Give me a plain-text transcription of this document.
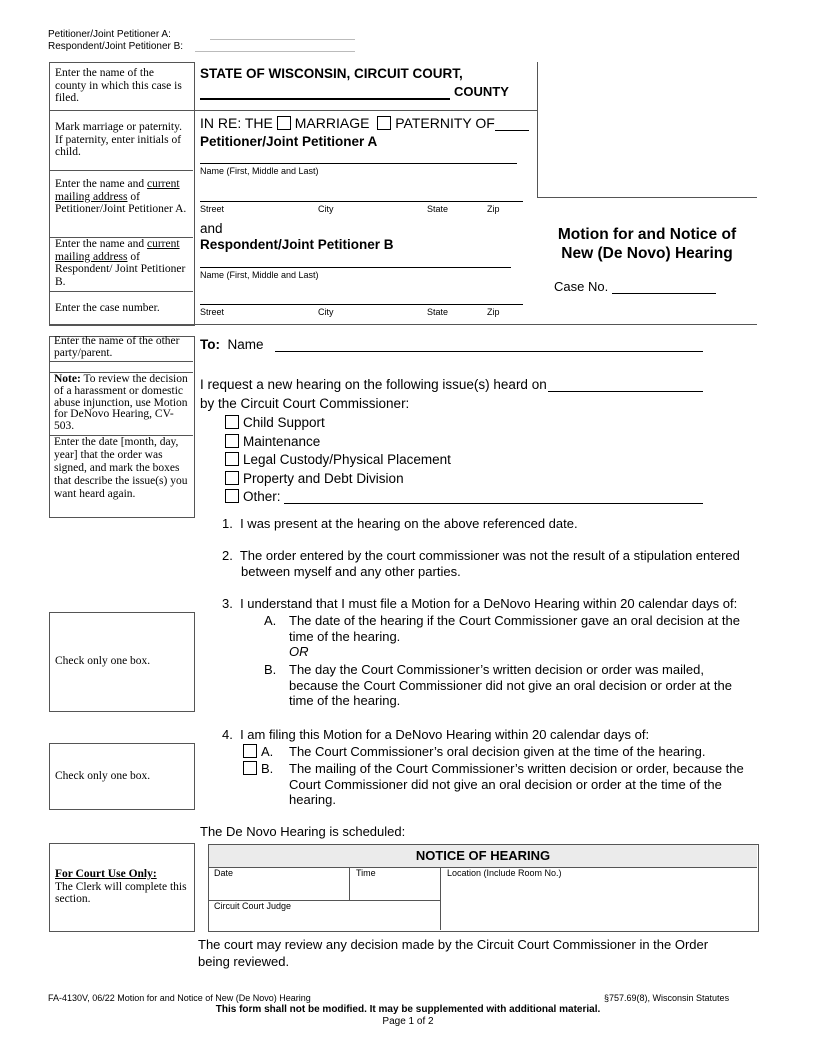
Petitioner/Joint Petitioner A:
Respondent/Joint Petitioner B:
Enter the name of the county in which this case is filed.
Mark marriage or paternity. If paternity, enter initials of child.
Enter the name and current mailing address of Petitioner/Joint Petitioner A.
Enter the name and current mailing address of Respondent/ Joint Petitioner B.
Enter the case number.
STATE OF WISCONSIN, CIRCUIT COURT,
COUNTY
IN RE: THE MARRIAGE PATERNITY OF
Petitioner/Joint Petitioner A
Name (First, Middle and Last)
Street	City	State	Zip
and
Respondent/Joint Petitioner B
Name (First, Middle and Last)
Street	City	State	Zip
Motion for and Notice of
New (De Novo) Hearing
Case No.
Enter the name of the other party/parent.
Note: To review the decision of a harassment or domestic abuse injunction, use Motion for DeNovo Hearing, CV-503.
Enter the date [month, day, year] that the order was signed, and mark the boxes that describe the issue(s) you want heard again.
To: Name
I request a new hearing on the following issue(s) heard on
by the Circuit Court Commissioner:
Child Support
Maintenance
Legal Custody/Physical Placement
Property and Debt Division
Other:
1.  I was present at the hearing on the above referenced date.
2.  The order entered by the court commissioner was not the result of a stipulation entered between myself and any other parties.
3.  I understand that I must file a Motion for a DeNovo Hearing within 20 calendar days of:
A. The date of the hearing if the Court Commissioner gave an oral decision at the time of the hearing.
OR
B. The day the Court Commissioner’s written decision or order was mailed, because the Court Commissioner did not give an oral decision or order at the time of the hearing.
Check only one box.
4.  I am filing this Motion for a DeNovo Hearing within 20 calendar days of:
A. The Court Commissioner’s oral decision given at the time of the hearing.
B. The mailing of the Court Commissioner’s written decision or order, because the Court Commissioner did not give an oral decision or order at the time of the hearing.
Check only one box.
The De Novo Hearing is scheduled:
For Court Use Only:
The Clerk will complete this section.
NOTICE OF HEARING
Date	Time	Location (Include Room No.)
Circuit Court Judge
The court may review any decision made by the Circuit Court Commissioner in the Order being reviewed.
FA-4130V, 06/22 Motion for and Notice of New (De Novo) Hearing	§757.69(8), Wisconsin Statutes
This form shall not be modified. It may be supplemented with additional material.
Page 1 of 2
